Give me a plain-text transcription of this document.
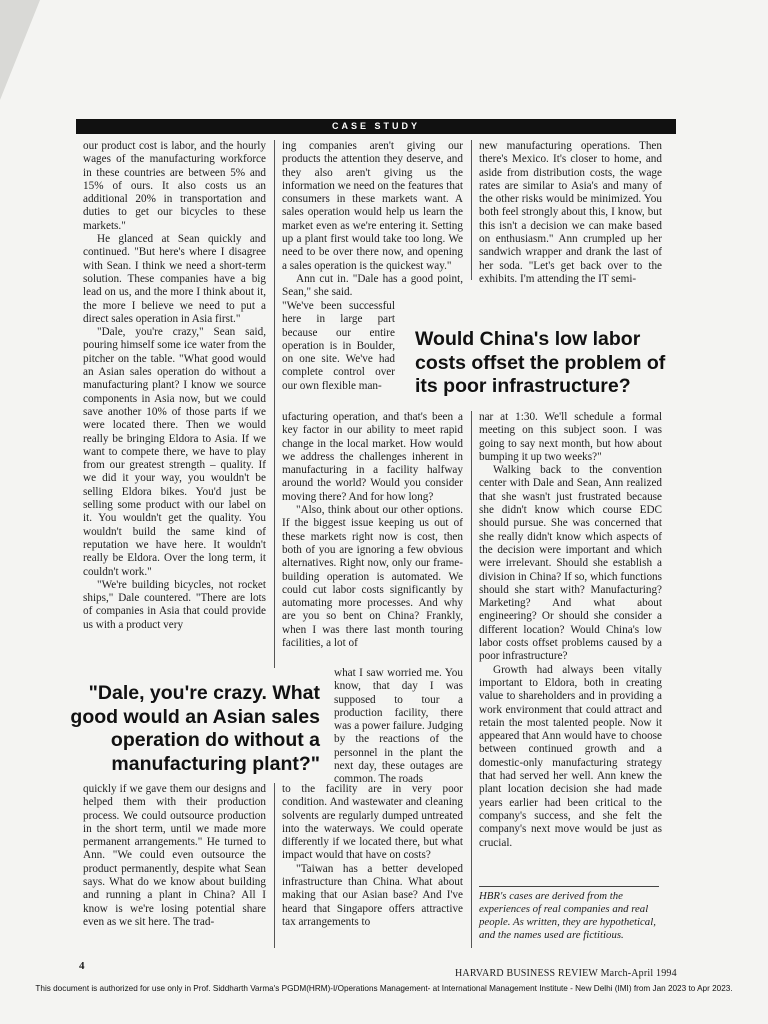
CASE STUDY

our product cost is labor, and the hourly wages of the manufacturing workforce in these countries are between 5% and 15% of ours. It also costs us an additional 20% in transportation and duties to get our bicycles to these markets."

He glanced at Sean quickly and continued. "But here's where I disagree with Sean. I think we need a short-term solution. These companies have a big lead on us, and the more I think about it, the more I believe we need to put a direct sales operation in Asia first."

"Dale, you're crazy," Sean said, pouring himself some ice water from the pitcher on the table. "What good would an Asian sales operation do without a manufacturing plant? I know we source components in Asia now, but we could save another 10% of those parts if we were located there. Then we would really be bringing Eldora to Asia. If we want to compete there, we have to play from our greatest strength – quality. If we did it your way, you wouldn't be selling Eldora bikes. You'd just be selling some product with our label on it. You wouldn't get the quality. You wouldn't build the same kind of reputation we have here. It wouldn't really be Eldora. Over the long term, it couldn't work."

"We're building bicycles, not rocket ships," Dale countered. "There are lots of companies in Asia that could provide us with a product very

"Dale, you're crazy. What good would an Asian sales operation do without a manufacturing plant?"

quickly if we gave them our designs and helped them with their production process. We could outsource production in the short term, until we made more permanent arrangements." He turned to Ann. "We could even outsource the product permanently, despite what Sean says. What do we know about building and running a plant in China? All I know is we're losing potential share even as we sit here. The trad-

ing companies aren't giving our products the attention they deserve, and they also aren't giving us the information we need on the features that consumers in these markets want. A sales operation would help us learn the market even as we're entering it. Setting up a plant first would take too long. We need to be over there now, and opening a sales operation is the quickest way."

Ann cut in. "Dale has a good point, Sean," she said.

"We've been successful here in large part because our entire operation is in Boulder, on one site. We've had complete control over our own flexible man-

Would China's low labor costs offset the problem of its poor infrastructure?

ufacturing operation, and that's been a key factor in our ability to meet rapid change in the local market. How would we address the challenges inherent in manufacturing in a facility halfway around the world? Would you consider moving there? And for how long?

"Also, think about our other options. If the biggest issue keeping us out of these markets right now is cost, then both of you are ignoring a few obvious alternatives. Right now, only our frame-building operation is automated. We could cut labor costs significantly by automating more processes. And why are you so bent on China? Frankly, when I was there last month touring facilities, a lot of

what I saw worried me. You know, that day I was supposed to tour a production facility, there was a power failure. Judging by the reactions of the personnel in the plant the next day, these outages are common. The roads

to the facility are in very poor condition. And wastewater and cleaning solvents are regularly dumped untreated into the waterways. We could operate differently if we located there, but what impact would that have on costs?

"Taiwan has a better developed infrastructure than China. What about making that our Asian base? And I've heard that Singapore offers attractive tax arrangements to

new manufacturing operations. Then there's Mexico. It's closer to home, and aside from distribution costs, the wage rates are similar to Asia's and many of the other risks would be minimized. You both feel strongly about this, I know, but this isn't a decision we can make based on enthusiasm." Ann crumpled up her sandwich wrapper and drank the last of her soda. "Let's get back over to the exhibits. I'm attending the IT semi-

nar at 1:30. We'll schedule a formal meeting on this subject soon. I was going to say next month, but how about bumping it up two weeks?"

Walking back to the convention center with Dale and Sean, Ann realized that she wasn't just frustrated because she didn't know which course EDC should pursue. She was concerned that she really didn't know which aspects of the decision were important and which were irrelevant. Should she establish a division in China? If so, which functions should she start with? Manufacturing? Marketing? And what about engineering? Or should she consider a different location? Would China's low labor costs offset problems caused by a poor infrastructure?

Growth had always been vitally important to Eldora, both in creating value to shareholders and in providing a work environment that could attract and retain the most talented people. Now it appeared that Ann would have to choose between continued growth and a domestic-only manufacturing strategy that had served her well. Ann knew the plant location decision she had made years earlier had been critical to the company's success, and she felt the company's next move would be just as crucial.

HBR's cases are derived from the experiences of real companies and real people. As written, they are hypothetical, and the names used are fictitious.
4
HARVARD BUSINESS REVIEW March-April 1994
This document is authorized for use only in Prof. Siddharth Varma's PGDM(HRM)-I/Operations Management- at International Management Institute - New Delhi (IMI) from Jan 2023 to Apr 2023.
